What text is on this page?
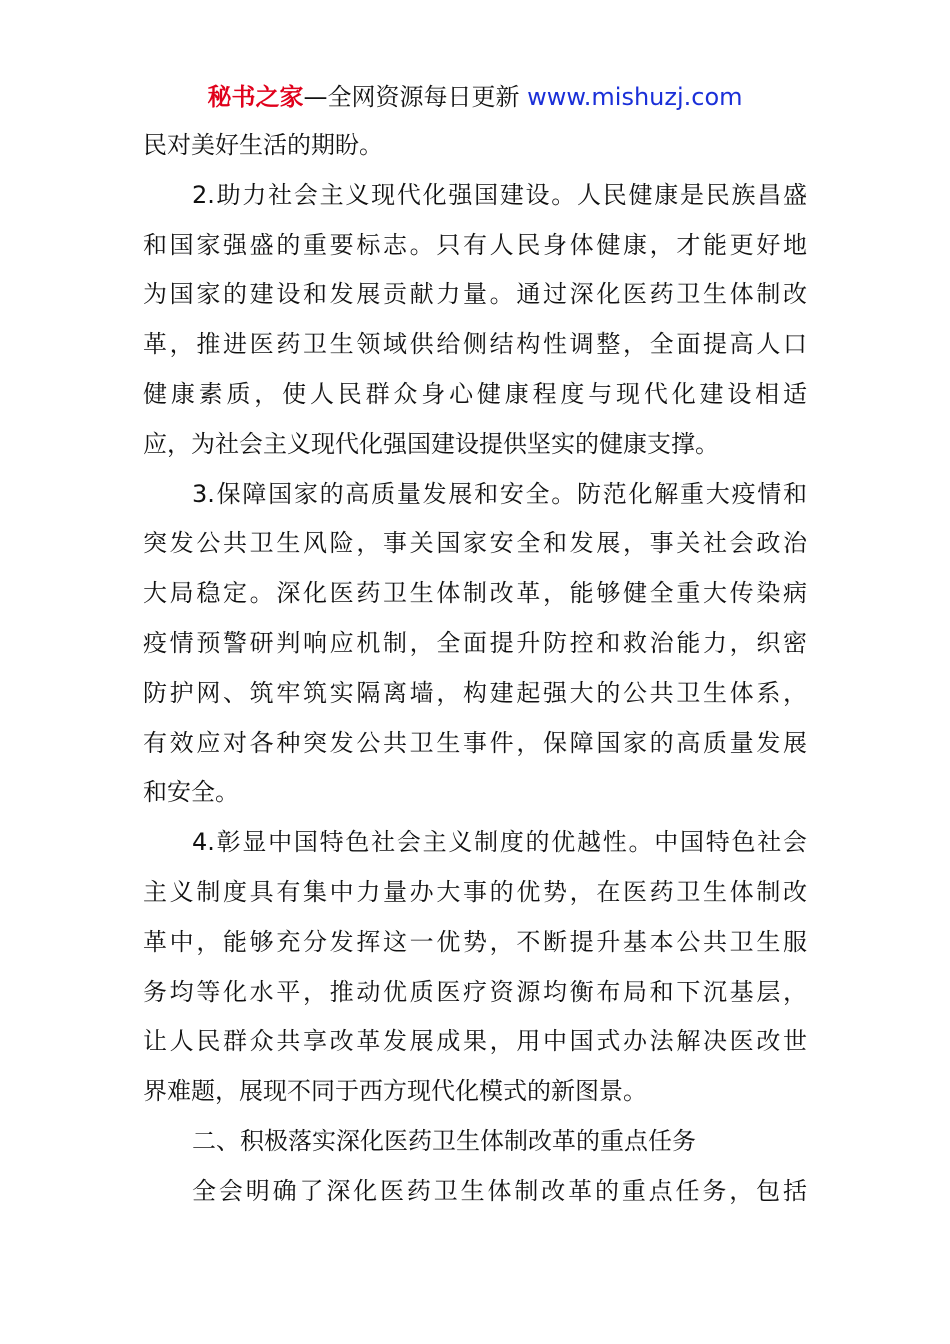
秘书之家—全网资源每日更新 www.mishuzj.com
民对美好生活的期盼。
2.助力社会主义现代化强国建设。人民健康是民族昌盛
和国家强盛的重要标志。只有人民身体健康，才能更好地
为国家的建设和发展贡献力量。通过深化医药卫生体制改
革，推进医药卫生领域供给侧结构性调整，全面提高人口
健康素质，使人民群众身心健康程度与现代化建设相适
应，为社会主义现代化强国建设提供坚实的健康支撑。
3.保障国家的高质量发展和安全。防范化解重大疫情和
突发公共卫生风险，事关国家安全和发展，事关社会政治
大局稳定。深化医药卫生体制改革，能够健全重大传染病
疫情预警研判响应机制，全面提升防控和救治能力，织密
防护网、筑牢筑实隔离墙，构建起强大的公共卫生体系，
有效应对各种突发公共卫生事件，保障国家的高质量发展
和安全。
4.彰显中国特色社会主义制度的优越性。中国特色社会
主义制度具有集中力量办大事的优势，在医药卫生体制改
革中，能够充分发挥这一优势，不断提升基本公共卫生服
务均等化水平，推动优质医疗资源均衡布局和下沉基层，
让人民群众共享改革发展成果，用中国式办法解决医改世
界难题，展现不同于西方现代化模式的新图景。
二、积极落实深化医药卫生体制改革的重点任务
全会明确了深化医药卫生体制改革的重点任务，包括
